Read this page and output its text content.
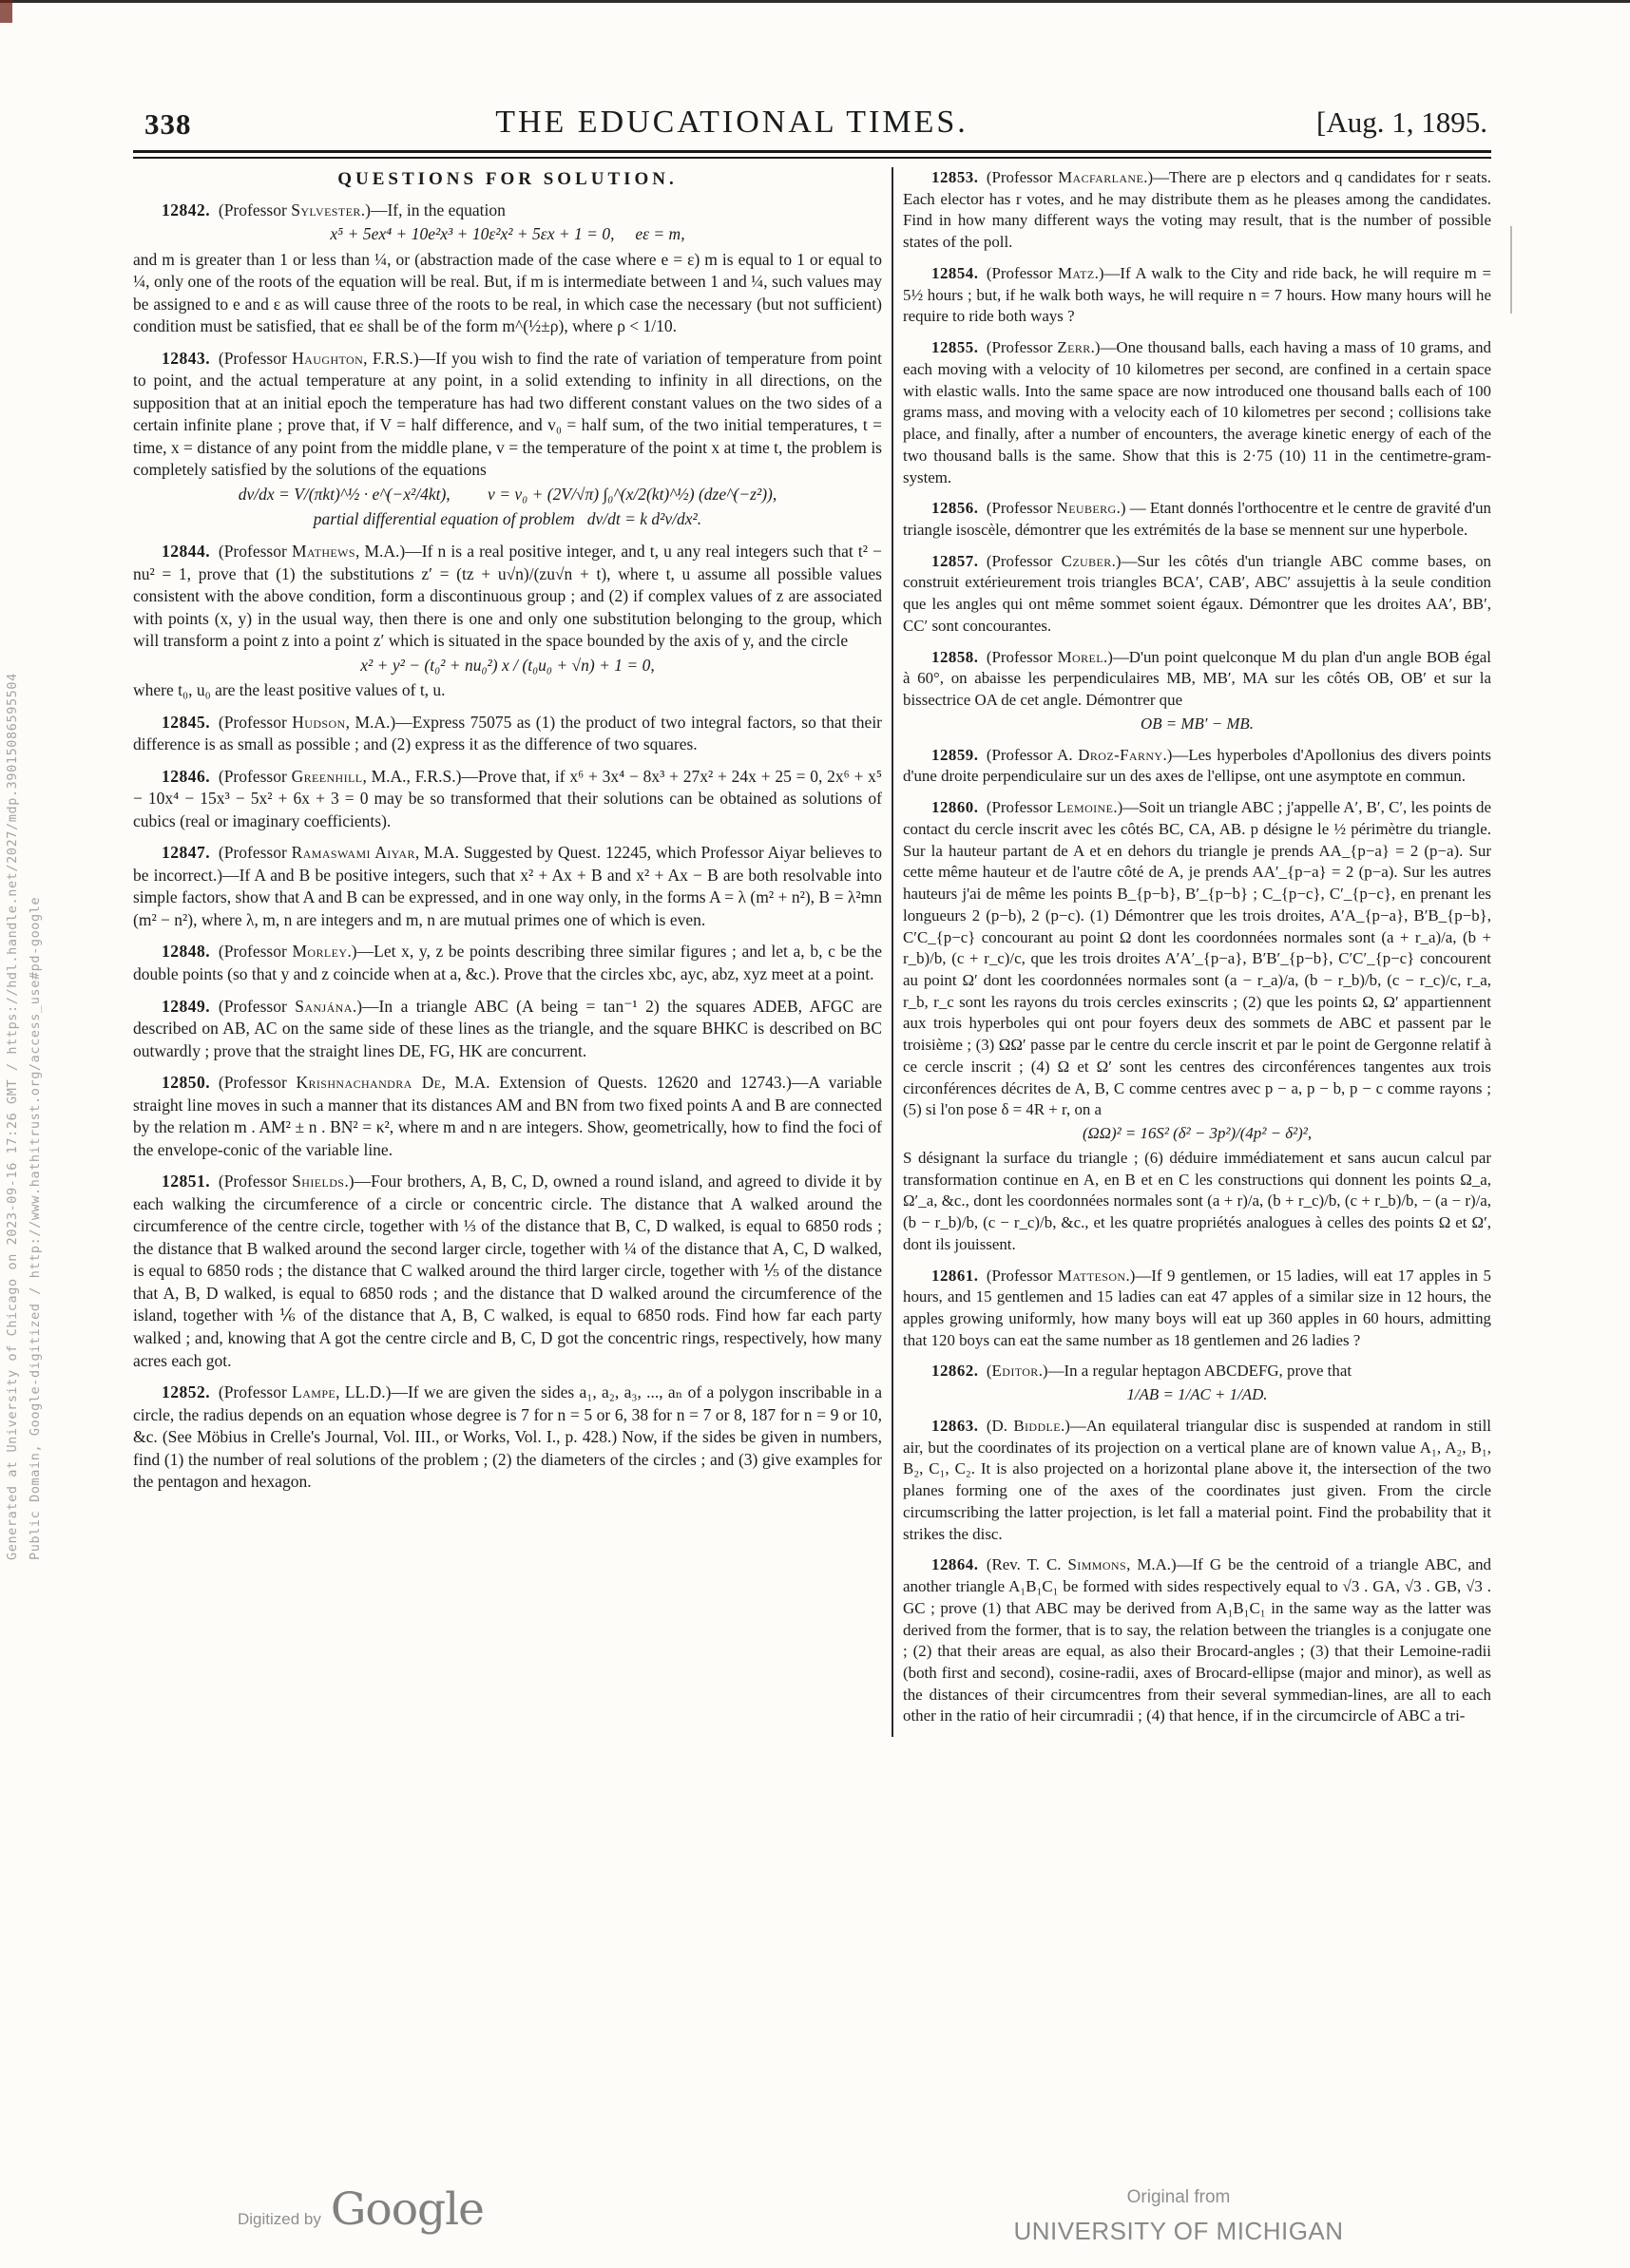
Generated at University of Chicago on 2023-09-16 17:26 GMT / https://hdl.handle.net/2027/mdp.39015086595504 Public Domain, Google-digitized / http://www.hathitrust.org/access_use#pd-google
338	THE EDUCATIONAL TIMES.	[Aug. 1, 1895.
QUESTIONS FOR SOLUTION.

12842.  (Professor Sylvester.)—If, in the equation

x⁵ + 5ex⁴ + 10e²x³ + 10ε²x² + 5εx + 1 = 0,  eε = m,

and m is greater than 1 or less than ¼, or (abstraction made of the case where e = ε) m is equal to 1 or equal to ¼, only one of the roots of the equation will be real. But, if m is intermediate between 1 and ¼, such values may be assigned to e and ε as will cause three of the roots to be real, in which case the necessary (but not sufficient) condition must be satisfied, that eε shall be of the form m^(½±ρ), where ρ < 1/10.

12843.  (Professor Haughton, F.R.S.)—If you wish to find the rate of variation of temperature from point to point, and the actual temperature at any point, in a solid extending to infinity in all directions, on the supposition that at an initial epoch the temperature has had two different constant values on the two sides of a certain infinite plane ; prove that, if V = half difference, and v₀ = half sum, of the two initial temperatures, t = time, x = distance of any point from the middle plane, v = the temperature of the point x at time t, the problem is completely satisfied by the solutions of the equations

dv/dx = V/(πkt)^½ · e^(−x²/4kt),   v = v₀ + (2V/√π) ∫₀^(x/2(kt)^½) (dze^(−z²)),
partial differential equation of problem  dv/dt = k d²v/dx².

12844.  (Professor Mathews, M.A.)—If n is a real positive integer, and t, u any real integers such that t² − nu² = 1, prove that (1) the substitutions z′ = (tz + u√n)/(zu√n + t), where t, u assume all possible values consistent with the above condition, form a discontinuous group ; and (2) if complex values of z are associated with points (x, y) in the usual way, then there is one and only one substitution belonging to the group, which will transform a point z into a point z′ which is situated in the space bounded by the axis of y, and the circle

x² + y² − (t₀² + nu₀²) x / (t₀u₀ + √n) + 1 = 0,

where t₀, u₀ are the least positive values of t, u.

12845.  (Professor Hudson, M.A.)—Express 75075 as (1) the product of two integral factors, so that their difference is as small as possible ; and (2) express it as the difference of two squares.

12846.  (Professor Greenhill, M.A., F.R.S.)—Prove that, if x⁶ + 3x⁴ − 8x³ + 27x² + 24x + 25 = 0, 2x⁶ + x⁵ − 10x⁴ − 15x³ − 5x² + 6x + 3 = 0 may be so transformed that their solutions can be obtained as solutions of cubics (real or imaginary coefficients).

12847.  (Professor Ramaswami Aiyar, M.A. Suggested by Quest. 12245, which Professor Aiyar believes to be incorrect.)—If A and B be positive integers, such that x² + Ax + B and x² + Ax − B are both resolvable into simple factors, show that A and B can be expressed, and in one way only, in the forms A = λ (m² + n²), B = λ²mn (m² − n²), where λ, m, n are integers and m, n are mutual primes one of which is even.

12848.  (Professor Morley.)—Let x, y, z be points describing three similar figures ; and let a, b, c be the double points (so that y and z coincide when at a, &c.). Prove that the circles xbc, ayc, abz, xyz meet at a point.

12849.  (Professor Sanjána.)—In a triangle ABC (A being = tan⁻¹ 2) the squares ADEB, AFGC are described on AB, AC on the same side of these lines as the triangle, and the square BHKC is described on BC outwardly ; prove that the straight lines DE, FG, HK are concurrent.

12850.  (Professor Krishnachandra De, M.A. Extension of Quests. 12620 and 12743.)—A variable straight line moves in such a manner that its distances AM and BN from two fixed points A and B are connected by the relation m . AM² ± n . BN² = κ², where m and n are integers. Show, geometrically, how to find the foci of the envelope-conic of the variable line.

12851.  (Professor Shields.)—Four brothers, A, B, C, D, owned a round island, and agreed to divide it by each walking the circumference of a circle or concentric circle. The distance that A walked around the circumference of the centre circle, together with ⅓ of the distance that B, C, D walked, is equal to 6850 rods ; the distance that B walked around the second larger circle, together with ¼ of the distance that A, C, D walked, is equal to 6850 rods ; the distance that C walked around the third larger circle, together with ⅕ of the distance that A, B, D walked, is equal to 6850 rods ; and the distance that D walked around the circumference of the island, together with ⅙ of the distance that A, B, C walked, is equal to 6850 rods. Find how far each party walked ; and, knowing that A got the centre circle and B, C, D got the concentric rings, respectively, how many acres each got.

12852.  (Professor Lampe, LL.D.)—If we are given the sides a₁, a₂, a₃, ..., aₙ of a polygon inscribable in a circle, the radius depends on an equation whose degree is 7 for n = 5 or 6, 38 for n = 7 or 8, 187 for n = 9 or 10, &c. (See Möbius in Crelle's Journal, Vol. III., or Works, Vol. I., p. 428.) Now, if the sides be given in numbers, find (1) the number of real solutions of the problem ; (2) the diameters of the circles ; and (3) give examples for the pentagon and hexagon.

12853.  (Professor Macfarlane.)—There are p electors and q candidates for r seats. Each elector has r votes, and he may distribute them as he pleases among the candidates. Find in how many different ways the voting may result, that is the number of possible states of the poll.

12854.  (Professor Matz.)—If A walk to the City and ride back, he will require m = 5½ hours ; but, if he walk both ways, he will require n = 7 hours. How many hours will he require to ride both ways ?

12855.  (Professor Zerr.)—One thousand balls, each having a mass of 10 grams, and each moving with a velocity of 10 kilometres per second, are confined in a certain space with elastic walls. Into the same space are now introduced one thousand balls each of 100 grams mass, and moving with a velocity each of 10 kilometres per second ; collisions take place, and finally, after a number of encounters, the average kinetic energy of each of the two thousand balls is the same. Show that this is 2·75 (10) 11 in the centimetre-gram-system.

12856.  (Professor Neuberg.) — Etant donnés l'orthocentre et le centre de gravité d'un triangle isoscèle, démontrer que les extrémités de la base se mennent sur une hyperbole.

12857.  (Professor Czuber.)—Sur les côtés d'un triangle ABC comme bases, on construit extérieurement trois triangles BCA′, CAB′, ABC′ assujettis à la seule condition que les angles qui ont même sommet soient égaux. Démontrer que les droites AA′, BB′, CC′ sont concourantes.

12858.  (Professor Morel.)—D'un point quelconque M du plan d'un angle BOB égal à 60°, on abaisse les perpendiculaires MB, MB′, MA sur les côtés OB, OB′ et sur la bissectrice OA de cet angle. Démontrer que

OB = MB′ − MB.

12859.  (Professor A. Droz-Farny.)—Les hyperboles d'Apollonius des divers points d'une droite perpendiculaire sur un des axes de l'ellipse, ont une asymptote en commun.

12860.  (Professor Lemoine.)—Soit un triangle ABC ; j'appelle A′, B′, C′, les points de contact du cercle inscrit avec les côtés BC, CA, AB. p désigne le ½ périmètre du triangle. Sur la hauteur partant de A et en dehors du triangle je prends AA_{p−a} = 2 (p−a). Sur cette même hauteur et de l'autre côté de A, je prends AA′_{p−a} = 2 (p−a). Sur les autres hauteurs j'ai de même les points B_{p−b}, B′_{p−b} ; C_{p−c}, C′_{p−c}, en prenant les longueurs 2 (p−b), 2 (p−c). (1) Démontrer que les trois droites, A′A_{p−a}, B′B_{p−b}, C′C_{p−c} concourant au point Ω dont les coordonnées normales sont (a + r_a)/a, (b + r_b)/b, (c + r_c)/c, que les trois droites A′A′_{p−a}, B′B′_{p−b}, C′C′_{p−c} concourent au point Ω′ dont les coordonnées normales sont (a − r_a)/a, (b − r_b)/b, (c − r_c)/c, r_a, r_b, r_c sont les rayons du trois cercles exinscrits ; (2) que les points Ω, Ω′ appartiennent aux trois hyperboles qui ont pour foyers deux des sommets de ABC et passent par le troisième ; (3) ΩΩ′ passe par le centre du cercle inscrit et par le point de Gergonne relatif à ce cercle inscrit ; (4) Ω et Ω′ sont les centres des circonférences tangentes aux trois circonférences décrites de A, B, C comme centres avec p − a, p − b, p − c comme rayons ; (5) si l'on pose δ = 4R + r, on a

(ΩΩ)² = 16S² (δ² − 3p²)/(4p² − δ²)²,

S désignant la surface du triangle ; (6) déduire immédiatement et sans aucun calcul par transformation continue en A, en B et en C les constructions qui donnent les points Ω_a, Ω′_a, &c., dont les coordonnées normales sont (a + r)/a, (b + r_c)/b, (c + r_b)/b, − (a − r)/a, (b − r_b)/b, (c − r_c)/b, &c., et les quatre propriétés analogues à celles des points Ω et Ω′, dont ils jouissent.

12861.  (Professor Matteson.)—If 9 gentlemen, or 15 ladies, will eat 17 apples in 5 hours, and 15 gentlemen and 15 ladies can eat 47 apples of a similar size in 12 hours, the apples growing uniformly, how many boys will eat up 360 apples in 60 hours, admitting that 120 boys can eat the same number as 18 gentlemen and 26 ladies ?

12862.  (Editor.)—In a regular heptagon ABCDEFG, prove that

1/AB = 1/AC + 1/AD.

12863.  (D. Biddle.)—An equilateral triangular disc is suspended at random in still air, but the coordinates of its projection on a vertical plane are of known value A₁, A₂, B₁, B₂, C₁, C₂. It is also projected on a horizontal plane above it, the intersection of the two planes forming one of the axes of the coordinates just given. From the circle circumscribing the latter projection, is let fall a material point. Find the probability that it strikes the disc.

12864.  (Rev. T. C. Simmons, M.A.)—If G be the centroid of a triangle ABC, and another triangle A₁B₁C₁ be formed with sides respectively equal to √3 . GA, √3 . GB, √3 . GC ; prove (1) that ABC may be derived from A₁B₁C₁ in the same way as the latter was derived from the former, that is to say, the relation between the triangles is a conjugate one ; (2) that their areas are equal, as also their Brocard-angles ; (3) that their Lemoine-radii (both first and second), cosine-radii, axes of Brocard-ellipse (major and minor), as well as the distances of their circumcentres from their several symmedian-lines, are all to each other in the ratio of heir circumradii ; (4) that hence, if in the circumcircle of ABC a tri-

Digitized by Google	Original from
UNIVERSITY OF MICHIGAN
